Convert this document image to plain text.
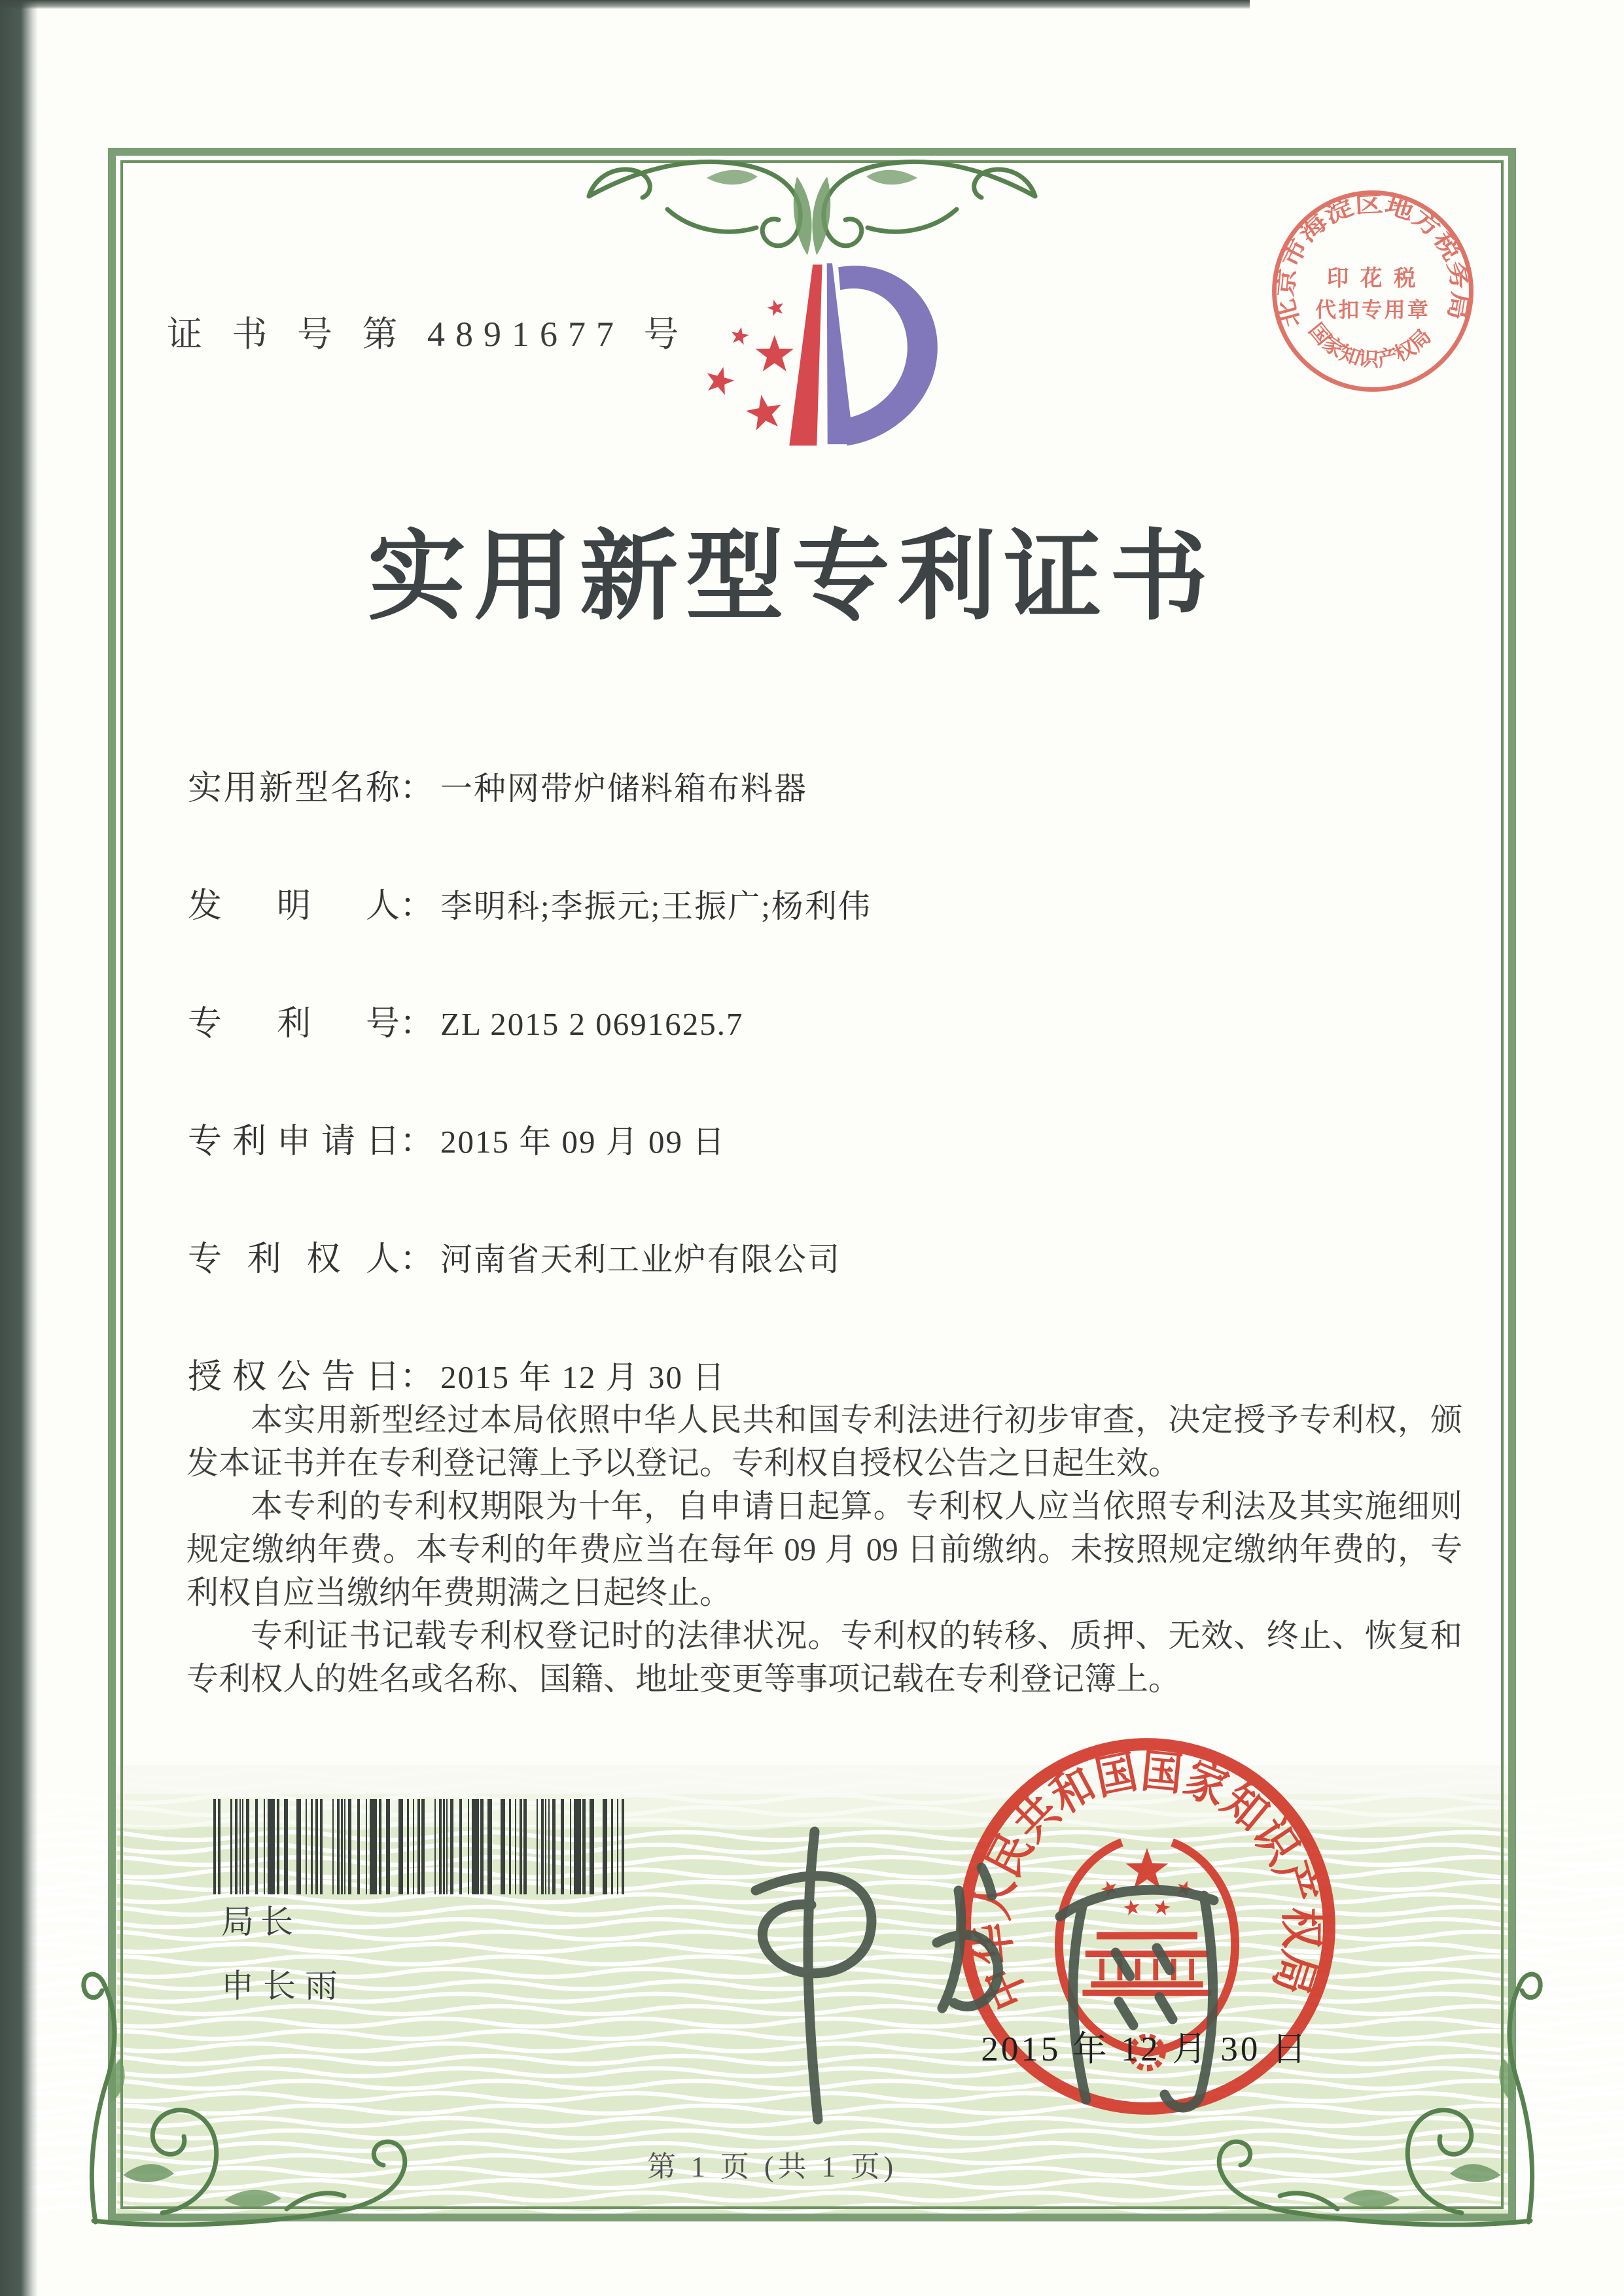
证 书 号 第 4891677 号	北京市海淀区地方税务局
国家知识产权局
印 花 税
代扣专用章
实用新型专利证书
实用新型名称： 一种网带炉储料箱布料器
发明人： 李明科;李振元;王振广;杨利伟
专利号： ZL 2015 2 0691625.7
专利申请日： 2015 年 09 月 09 日
专利权人： 河南省天利工业炉有限公司
授权公告日： 2015 年 12 月 30 日

本实用新型经过本局依照中华人民共和国专利法进行初步审查，决定授予专利权，颁发本证书并在专利登记簿上予以登记。专利权自授权公告之日起生效。

本专利的专利权期限为十年，自申请日起算。专利权人应当依照专利法及其实施细则规定缴纳年费。本专利的年费应当在每年 09 月 09 日前缴纳。未按照规定缴纳年费的，专利权自应当缴纳年费期满之日起终止。

专利证书记载专利权登记时的法律状况。专利权的转移、质押、无效、终止、恢复和专利权人的姓名或名称、国籍、地址变更等事项记载在专利登记簿上。

局长
申长雨	中华人民共和国国家知识产权局
2015 年 12 月 30 日
第 1 页 (共 1 页)
